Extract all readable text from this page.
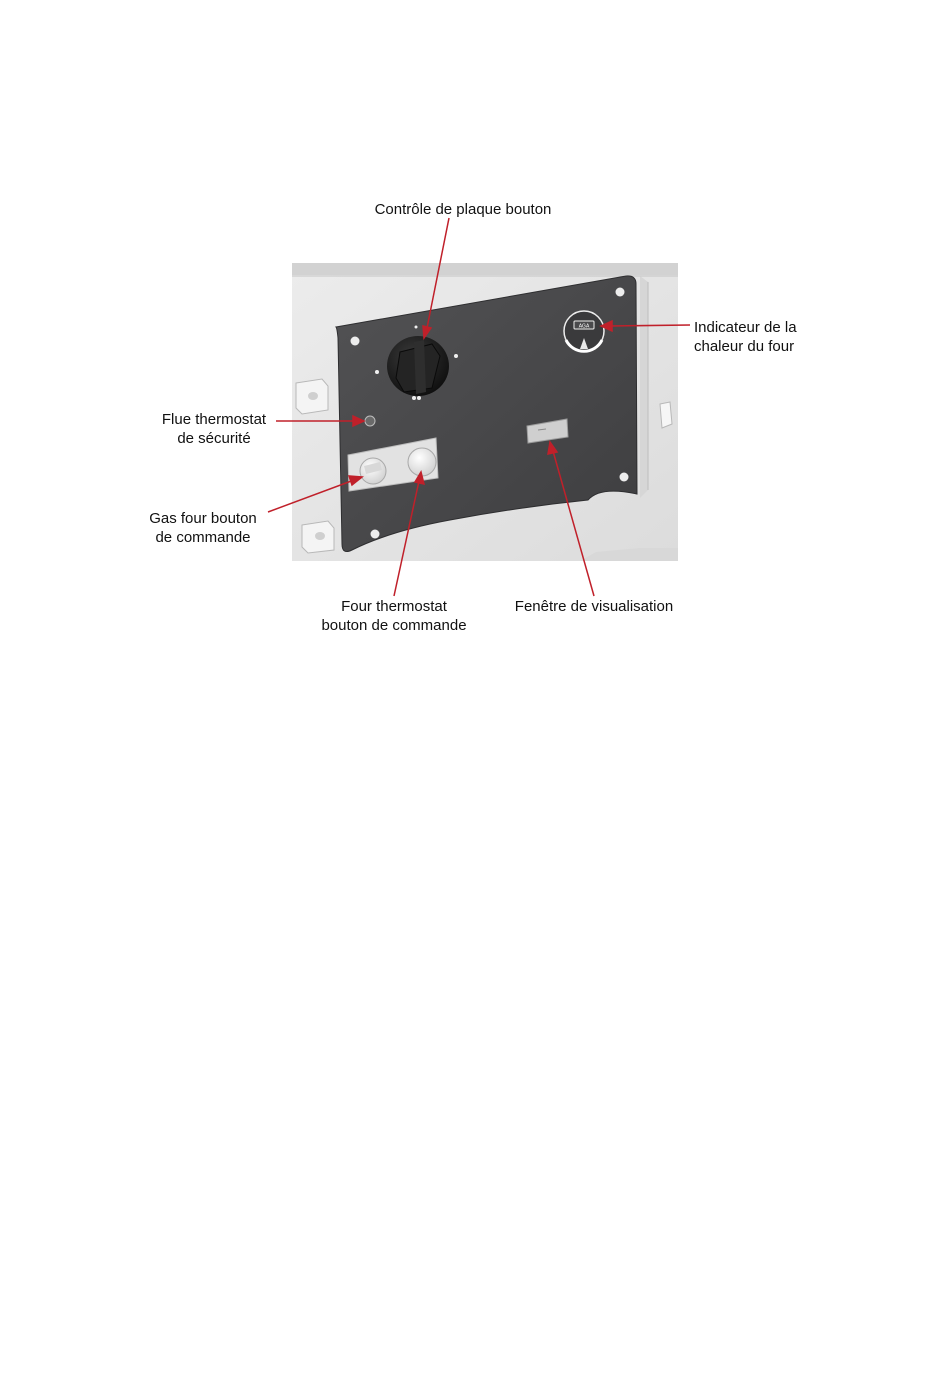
AGA
Contrôle de plaque bouton
Indicateur de la
chaleur du four
Flue thermostat
de sécurité
Gas four bouton
de commande
Four thermostat
bouton de commande
Fenêtre de visualisation
